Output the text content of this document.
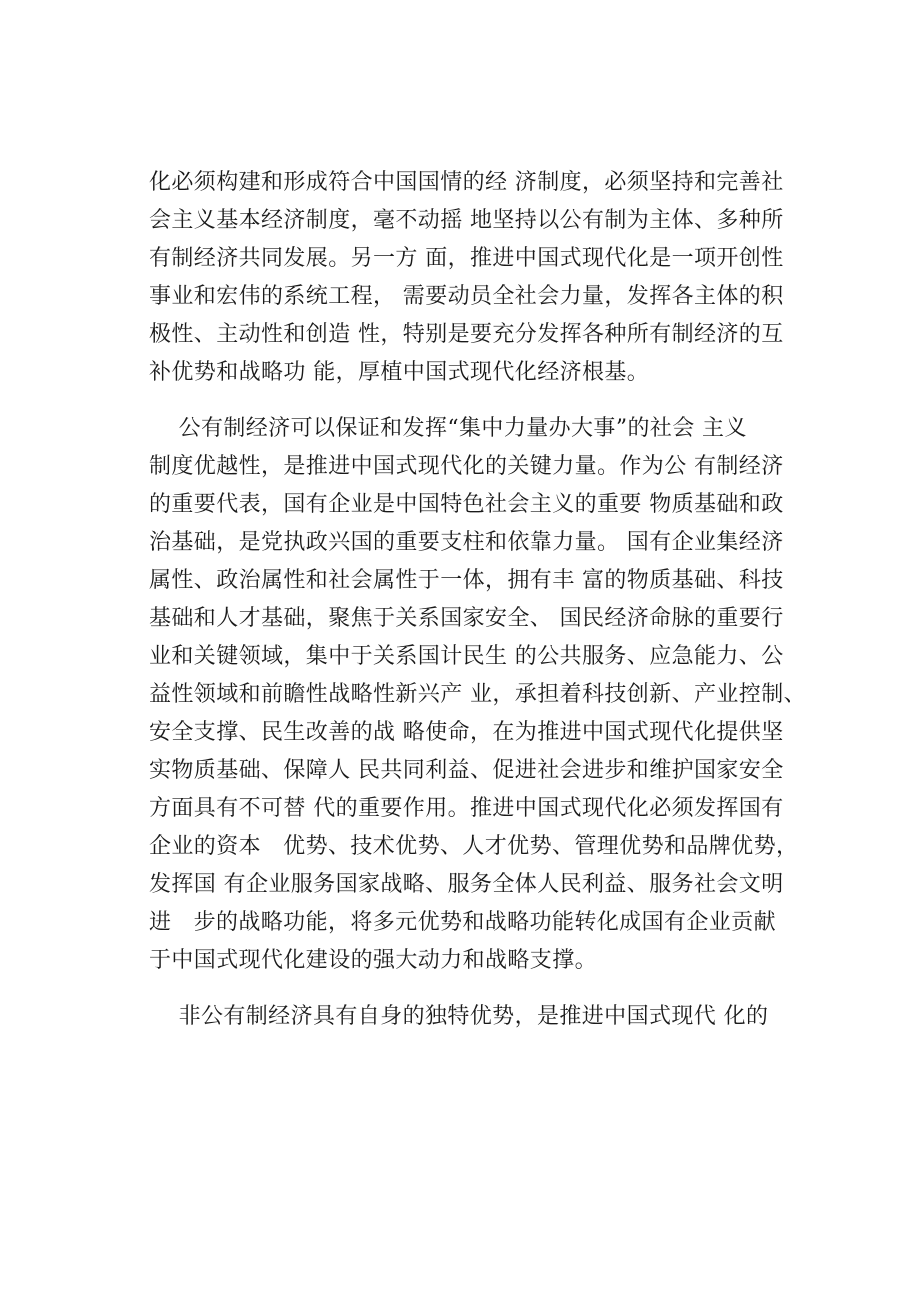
化必须构建和形成符合中国国情的经 济制度，必须坚持和完善社
会主义基本经济制度，毫不动摇 地坚持以公有制为主体、多种所
有制经济共同发展。另一方 面，推进中国式现代化是一项开创性
事业和宏伟的系统工程， 需要动员全社会力量，发挥各主体的积
极性、主动性和创造 性，特别是要充分发挥各种所有制经济的互
补优势和战略功 能，厚植中国式现代化经济根基。
公有制经济可以保证和发挥“集中力量办大事”的社会 主义
制度优越性，是推进中国式现代化的关键力量。作为公 有制经济
的重要代表，国有企业是中国特色社会主义的重要 物质基础和政
治基础，是党执政兴国的重要支柱和依靠力量。 国有企业集经济
属性、政治属性和社会属性于一体，拥有丰 富的物质基础、科技
基础和人才基础，聚焦于关系国家安全、 国民经济命脉的重要行
业和关键领域，集中于关系国计民生 的公共服务、应急能力、公
益性领域和前瞻性战略性新兴产 业，承担着科技创新、产业控制、
安全支撑、民生改善的战 略使命，在为推进中国式现代化提供坚
实物质基础、保障人 民共同利益、促进社会进步和维护国家安全
方面具有不可替 代的重要作用。推进中国式现代化必须发挥国有
企业的资本   优势、技术优势、人才优势、管理优势和品牌优势，
发挥国 有企业服务国家战略、服务全体人民利益、服务社会文明
进   步的战略功能，将多元优势和战略功能转化成国有企业贡献
于中国式现代化建设的强大动力和战略支撑。
非公有制经济具有自身的独特优势，是推进中国式现代 化的
